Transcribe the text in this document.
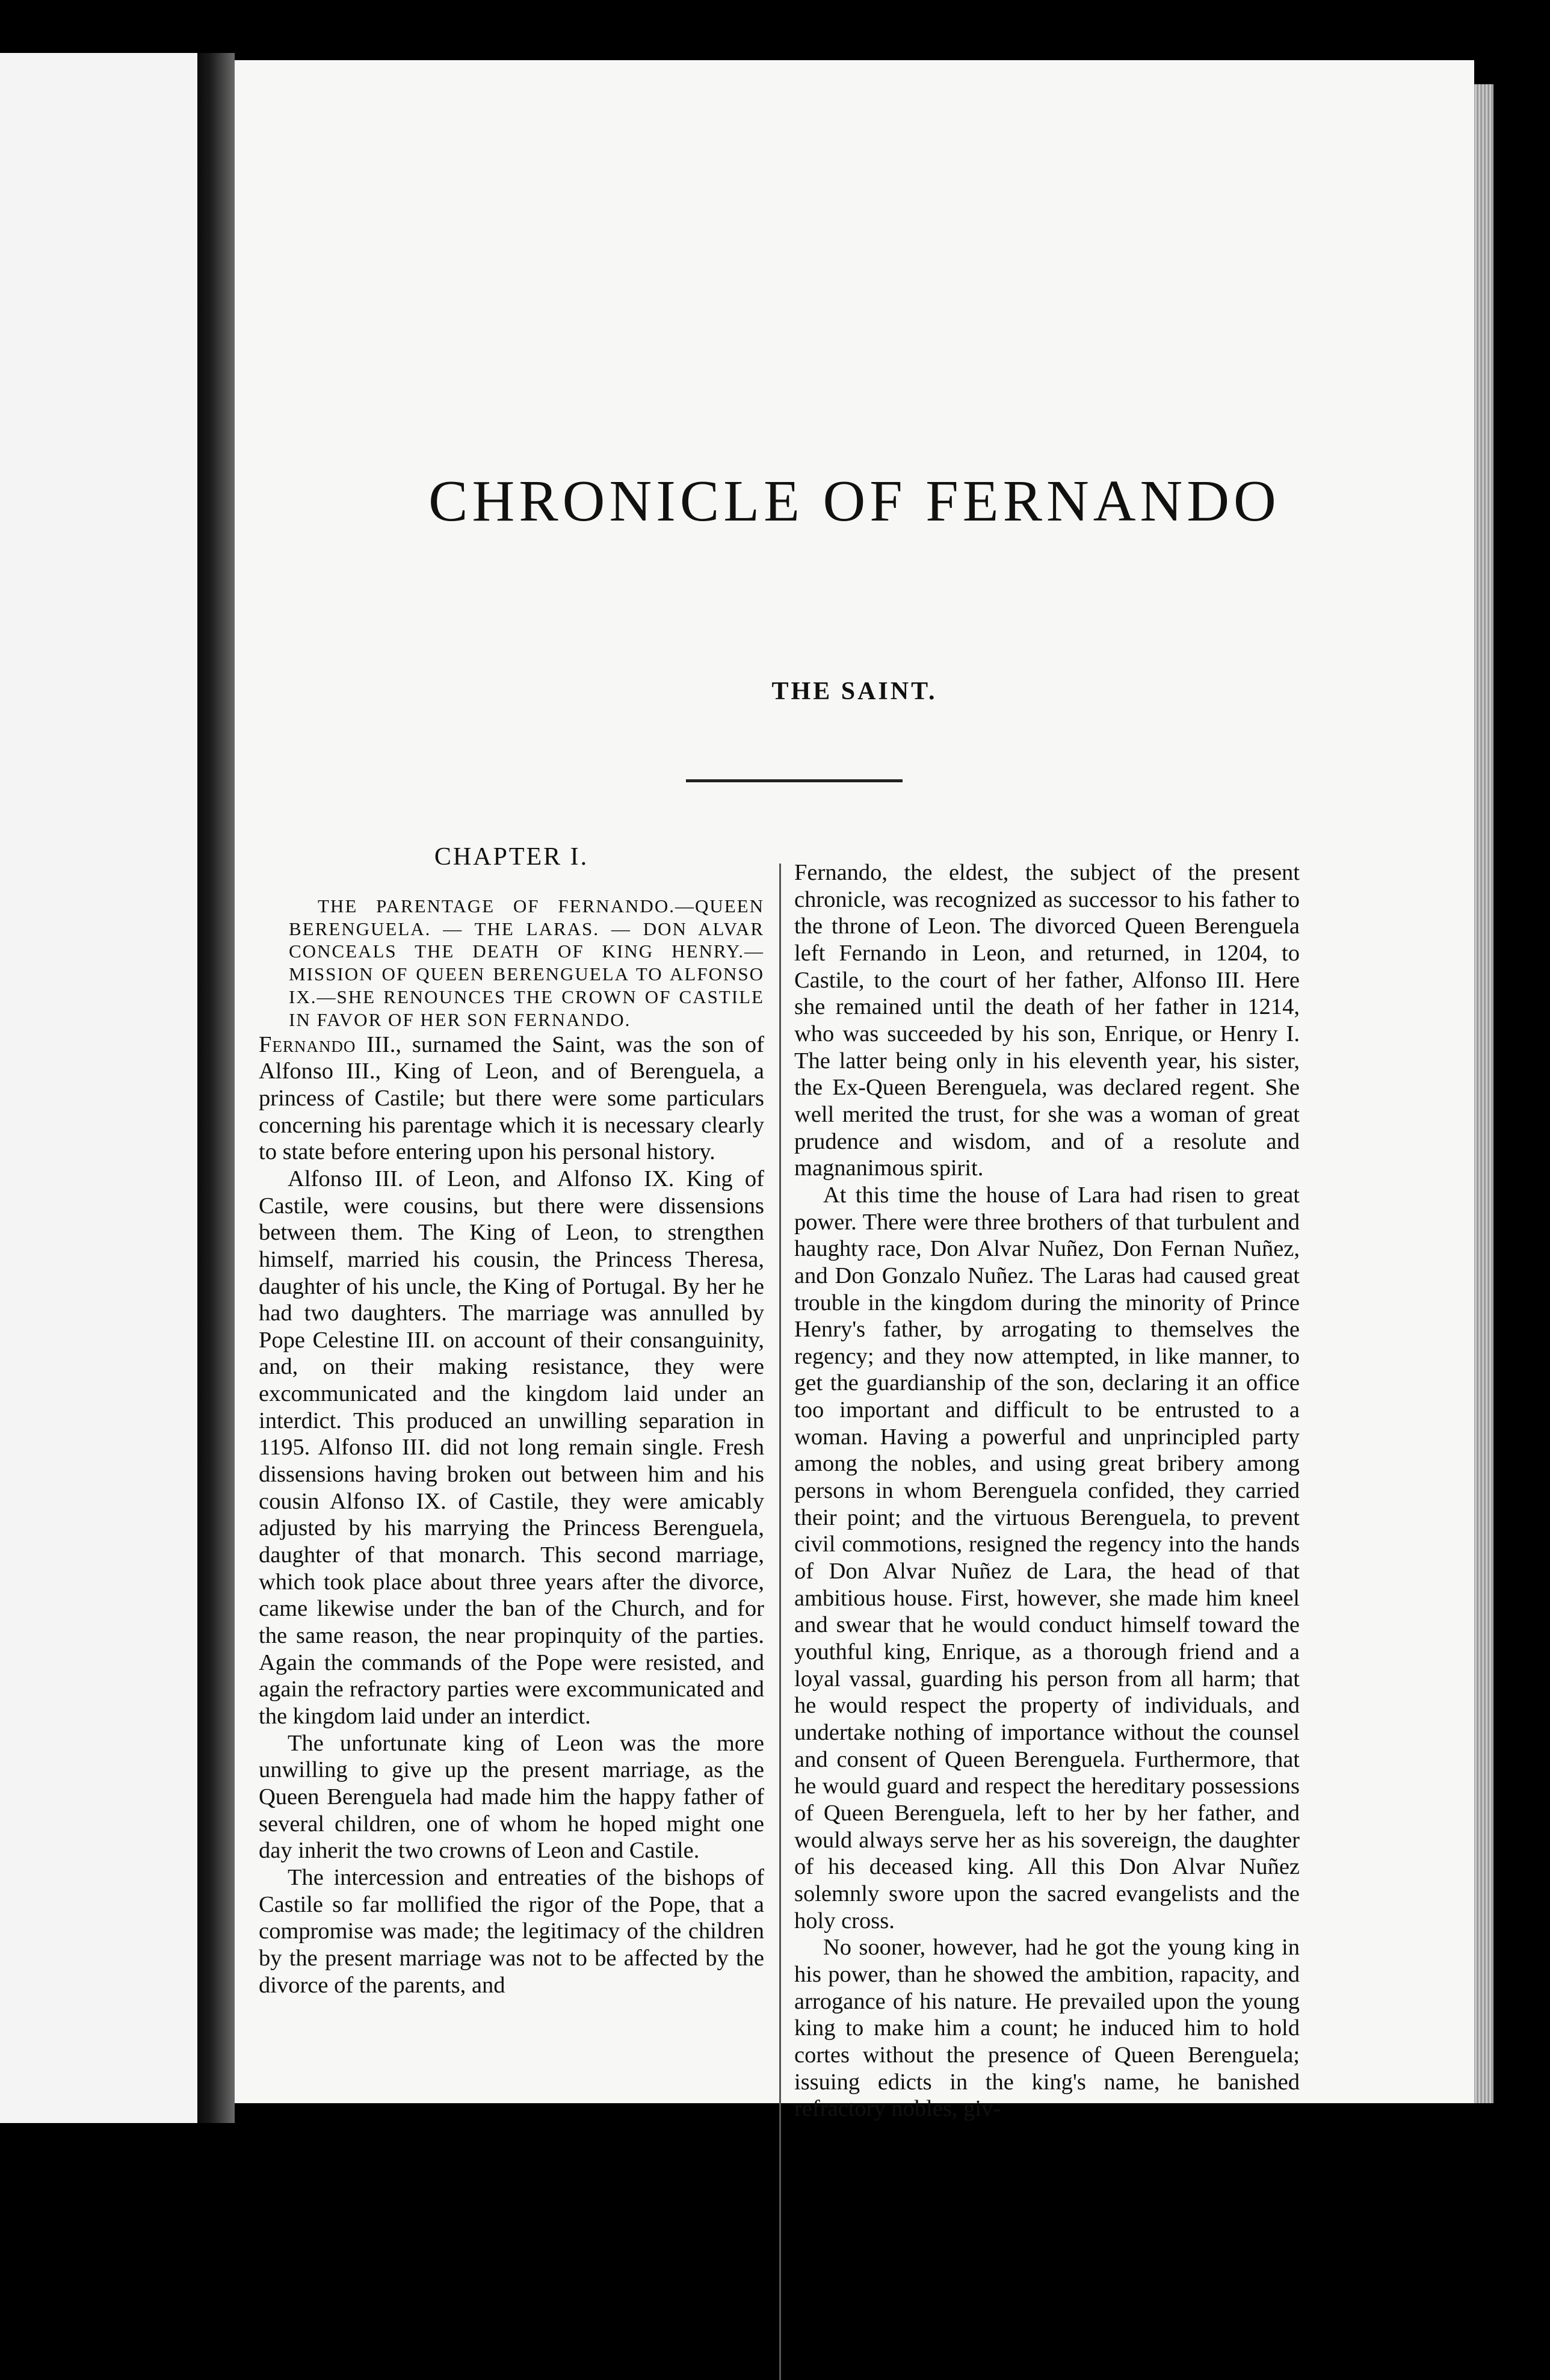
CHRONICLE OF FERNANDO
THE SAINT.
CHAPTER I.

THE PARENTAGE OF FERNANDO.—QUEEN BERENGUELA. — THE LARAS. — DON ALVAR CONCEALS THE DEATH OF KING HENRY.— MISSION OF QUEEN BERENGUELA TO ALFONSO IX.—SHE RENOUNCES THE CROWN OF CASTILE IN FAVOR OF HER SON FERNANDO.

Fernando III., surnamed the Saint, was the son of Alfonso III., King of Leon, and of Berenguela, a princess of Castile; but there were some particulars concerning his parentage which it is necessary clearly to state before entering upon his personal history.

Alfonso III. of Leon, and Alfonso IX. King of Castile, were cousins, but there were dissensions between them. The King of Leon, to strengthen himself, married his cousin, the Princess Theresa, daughter of his uncle, the King of Portugal. By her he had two daughters. The marriage was annulled by Pope Celestine III. on account of their consanguinity, and, on their making resistance, they were excommunicated and the kingdom laid under an interdict. This produced an unwilling separation in 1195. Alfonso III. did not long remain single. Fresh dissensions having broken out between him and his cousin Alfonso IX. of Castile, they were amicably adjusted by his marrying the Princess Berenguela, daughter of that monarch. This second marriage, which took place about three years after the divorce, came likewise under the ban of the Church, and for the same reason, the near propinquity of the parties. Again the commands of the Pope were resisted, and again the refractory parties were excommunicated and the kingdom laid under an interdict.

The unfortunate king of Leon was the more unwilling to give up the present marriage, as the Queen Berenguela had made him the happy father of several children, one of whom he hoped might one day inherit the two crowns of Leon and Castile.

The intercession and entreaties of the bishops of Castile so far mollified the rigor of the Pope, that a compromise was made; the legitimacy of the children by the present marriage was not to be affected by the divorce of the parents, and

Fernando, the eldest, the subject of the present chronicle, was recognized as successor to his father to the throne of Leon. The divorced Queen Berenguela left Fernando in Leon, and returned, in 1204, to Castile, to the court of her father, Alfonso III. Here she remained until the death of her father in 1214, who was succeeded by his son, Enrique, or Henry I. The latter being only in his eleventh year, his sister, the Ex-Queen Berenguela, was declared regent. She well merited the trust, for she was a woman of great prudence and wisdom, and of a resolute and magnanimous spirit.

At this time the house of Lara had risen to great power. There were three brothers of that turbulent and haughty race, Don Alvar Nuñez, Don Fernan Nuñez, and Don Gonzalo Nuñez. The Laras had caused great trouble in the kingdom during the minority of Prince Henry's father, by arrogating to themselves the regency; and they now attempted, in like manner, to get the guardianship of the son, declaring it an office too important and difficult to be entrusted to a woman. Having a powerful and unprincipled party among the nobles, and using great bribery among persons in whom Berenguela confided, they carried their point; and the virtuous Berenguela, to prevent civil commotions, resigned the regency into the hands of Don Alvar Nuñez de Lara, the head of that ambitious house. First, however, she made him kneel and swear that he would conduct himself toward the youthful king, Enrique, as a thorough friend and a loyal vassal, guarding his person from all harm; that he would respect the property of individuals, and undertake nothing of importance without the counsel and consent of Queen Berenguela. Furthermore, that he would guard and respect the hereditary possessions of Queen Berenguela, left to her by her father, and would always serve her as his sovereign, the daughter of his deceased king. All this Don Alvar Nuñez solemnly swore upon the sacred evangelists and the holy cross.

No sooner, however, had he got the young king in his power, than he showed the ambition, rapacity, and arrogance of his nature. He prevailed upon the young king to make him a count; he induced him to hold cortes without the presence of Queen Berenguela; issuing edicts in the king's name, he banished refractory nobles, giv-
